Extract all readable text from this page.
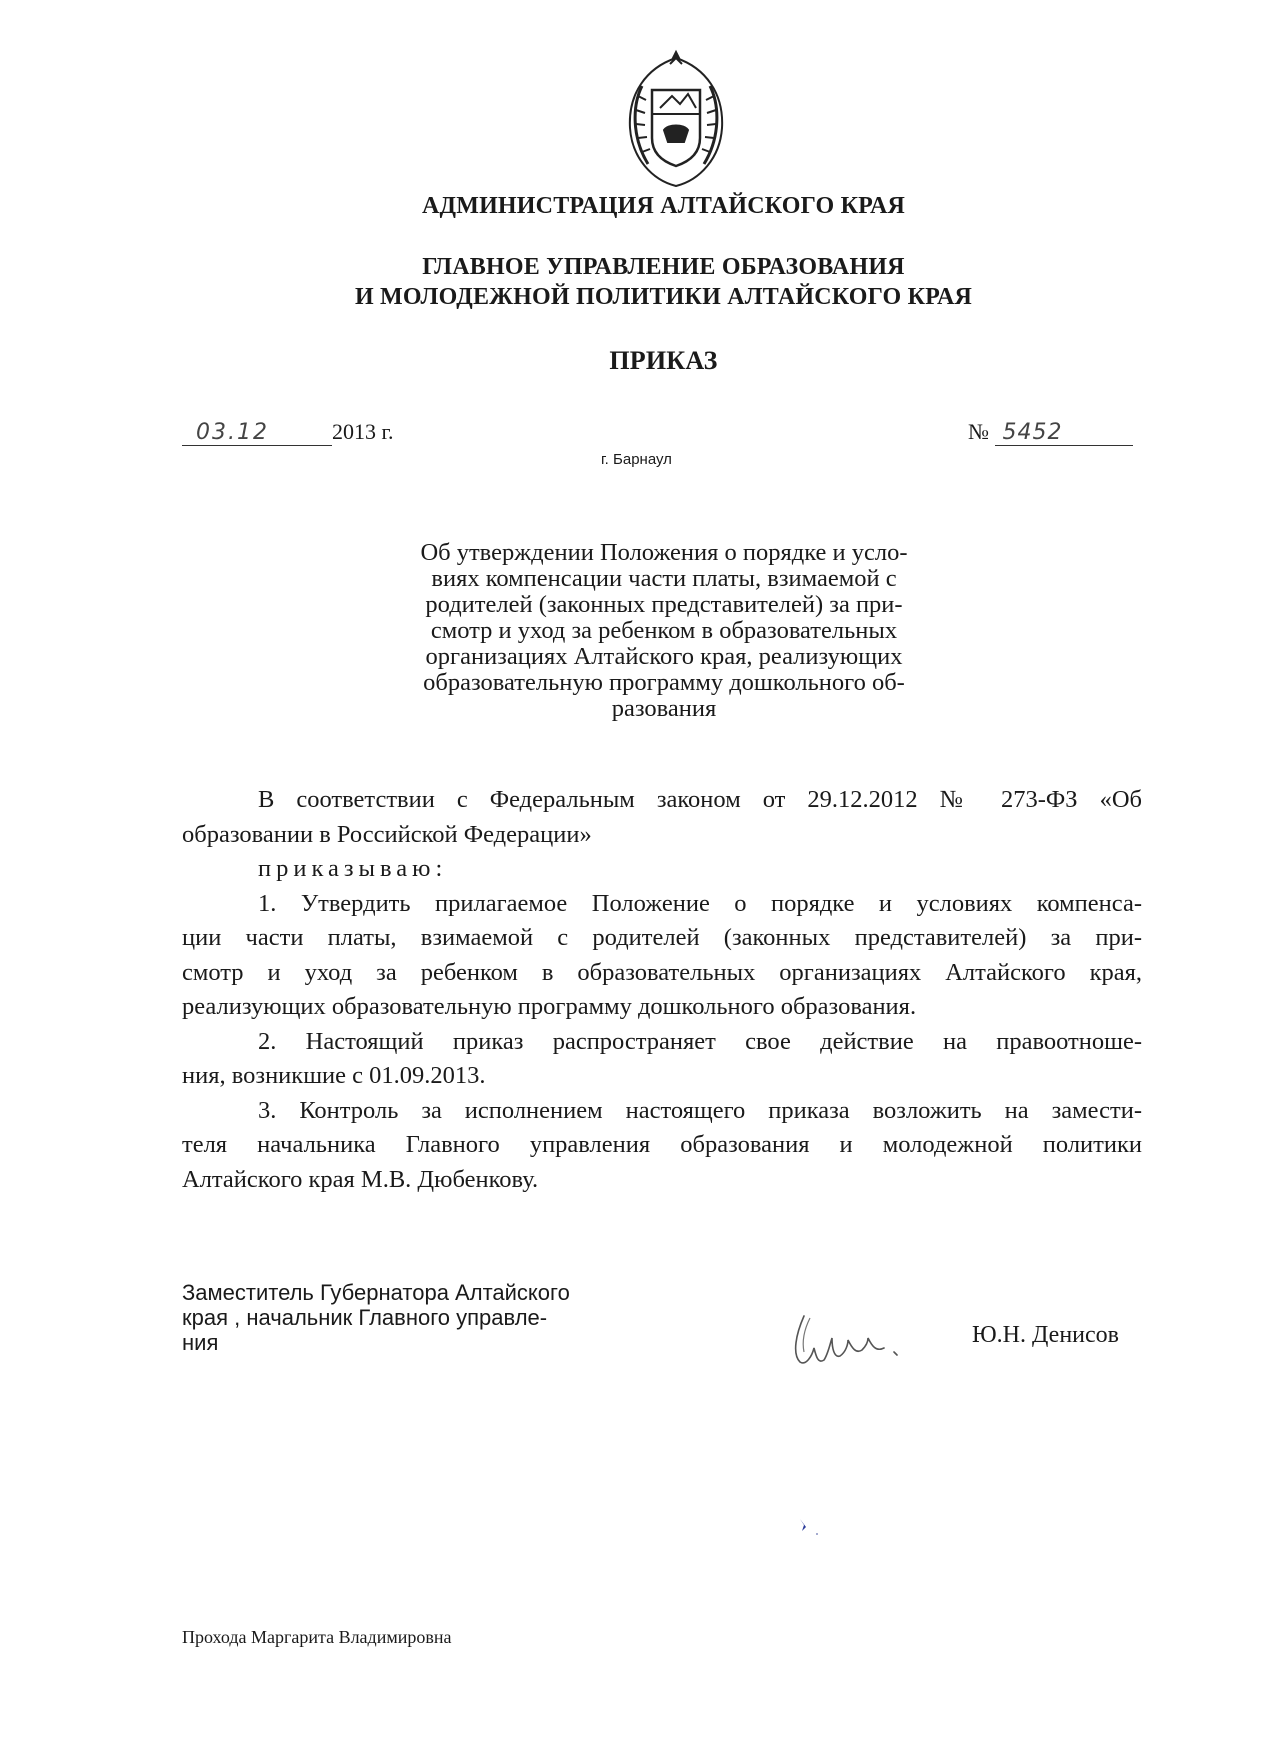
АДМИНИСТРАЦИЯ АЛТАЙСКОГО КРАЯ
ГЛАВНОЕ УПРАВЛЕНИЕ ОБРАЗОВАНИЯ
И МОЛОДЕЖНОЙ ПОЛИТИКИ АЛТАЙСКОГО КРАЯ
ПРИКАЗ
03.12	2013 г.	№ 5452
г. Барнаул
Об утверждении Положения о порядке и усло-
виях компенсации части платы, взимаемой с
родителей (законных представителей) за при-
смотр и уход за ребенком в образовательных
организациях Алтайского края, реализующих
образовательную программу дошкольного об-
разования
В соответствии с Федеральным законом от 29.12.2012 № 273-ФЗ «Об
образовании в Российской Федерации»
приказываю:
1. Утвердить прилагаемое Положение о порядке и условиях компенса-
ции части платы, взимаемой с родителей (законных представителей) за при-
смотр и уход за ребенком в образовательных организациях Алтайского края,
реализующих образовательную программу дошкольного образования.
2. Настоящий приказ распространяет свое действие на правоотноше-
ния, возникшие с 01.09.2013.
3. Контроль за исполнением настоящего приказа возложить на замести-
теля начальника Главного управления образования и молодежной политики
Алтайского края М.В. Дюбенкову.
Заместитель Губернатора Алтайского
края , начальник Главного управле-
ния	Ю.Н. Денисов
Прохода Маргарита Владимировна
